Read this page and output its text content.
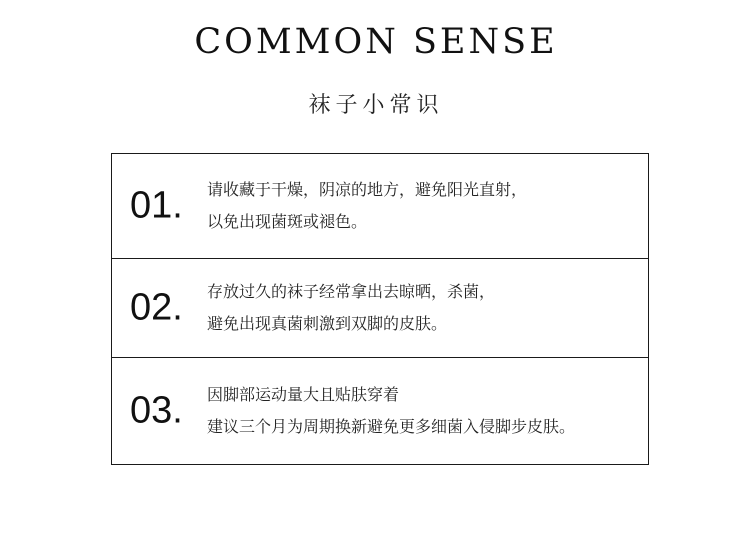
COMMON SENSE
袜子小常识
01. 请收藏于干燥，阴凉的地方，避免阳光直射，
以免出现菌斑或褪色。
02. 存放过久的袜子经常拿出去晾晒，杀菌，
避免出现真菌刺激到双脚的皮肤。
03. 因脚部运动量大且贴肤穿着
建议三个月为周期换新避免更多细菌入侵脚步皮肤。
